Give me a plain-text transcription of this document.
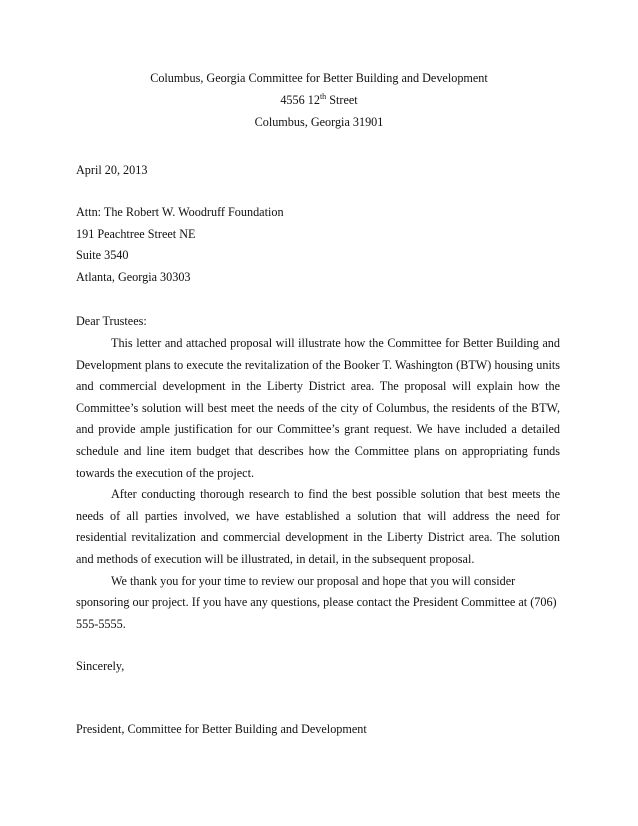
Columbus, Georgia Committee for Better Building and Development
4556 12th Street
Columbus, Georgia 31901
April 20, 2013
Attn: The Robert W. Woodruff Foundation
191 Peachtree Street NE
Suite 3540
Atlanta, Georgia 30303
Dear Trustees:

This letter and attached proposal will illustrate how the Committee for Better Building and Development plans to execute the revitalization of the Booker T. Washington (BTW) housing units and commercial development in the Liberty District area. The proposal will explain how the Committee’s solution will best meet the needs of the city of Columbus, the residents of the BTW, and provide ample justification for our Committee’s grant request. We have included a detailed schedule and line item budget that describes how the Committee plans on appropriating funds towards the execution of the project.

After conducting thorough research to find the best possible solution that best meets the needs of all parties involved, we have established a solution that will address the need for residential revitalization and commercial development in the Liberty District area. The solution and methods of execution will be illustrated, in detail, in the subsequent proposal.

We thank you for your time to review our proposal and hope that you will consider sponsoring our project. If you have any questions, please contact the President Committee at (706) 555-5555.

Sincerely,
President, Committee for Better Building and Development
